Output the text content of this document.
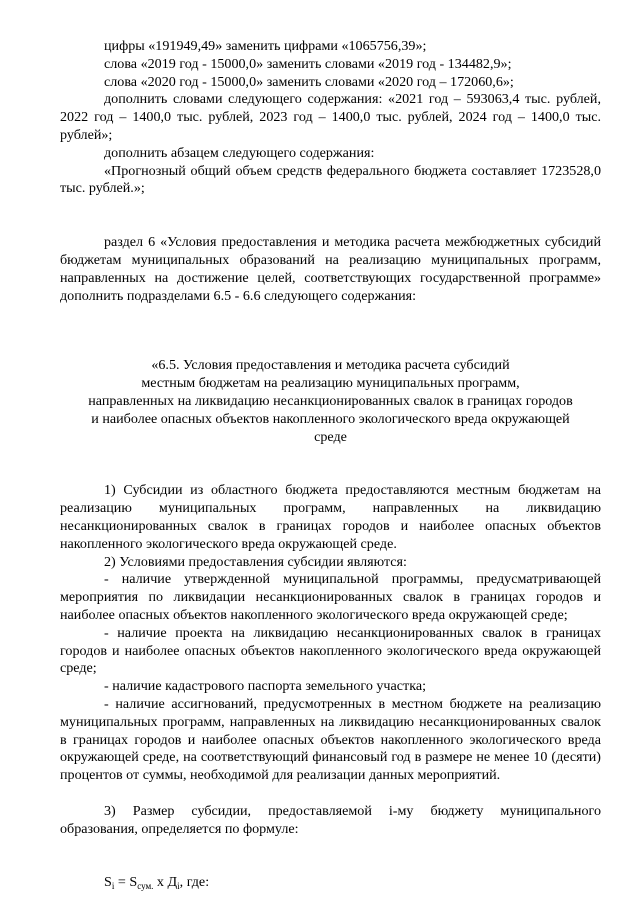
цифры «191949,49» заменить цифрами «1065756,39»;

слова «2019 год - 15000,0» заменить словами «2019 год - 134482,9»;

слова «2020 год - 15000,0» заменить словами «2020 год – 172060,6»;

дополнить словами следующего содержания: «2021 год – 593063,4 тыс. рублей, 2022 год – 1400,0 тыс. рублей, 2023 год – 1400,0 тыс. рублей, 2024 год – 1400,0 тыс. рублей»;

дополнить абзацем следующего содержания:

«Прогнозный общий объем средств федерального бюджета составляет 1723528,0 тыс. рублей.»;

раздел 6 «Условия предоставления и методика расчета межбюджетных субсидий бюджетам муниципальных образований на реализацию муниципальных программ, направленных на достижение целей, соответствующих государственной программе» дополнить подразделами 6.5 - 6.6 следующего содержания:

«6.5. Условия предоставления и методика расчета субсидий
местным бюджетам на реализацию муниципальных программ,
направленных на ликвидацию несанкционированных свалок в границах городов
и наиболее опасных объектов накопленного экологического вреда окружающей
среде

1) Субсидии из областного бюджета предоставляются местным бюджетам на реализацию муниципальных программ, направленных на ликвидацию несанкционированных свалок в границах городов и наиболее опасных объектов накопленного экологического вреда окружающей среде.

2) Условиями предоставления субсидии являются:

- наличие утвержденной муниципальной программы, предусматривающей мероприятия по ликвидации несанкционированных свалок в границах городов и наиболее опасных объектов накопленного экологического вреда окружающей среде;

- наличие проекта на ликвидацию несанкционированных свалок в границах городов и наиболее опасных объектов накопленного экологического вреда окружающей среде;

- наличие кадастрового паспорта земельного участка;

- наличие ассигнований, предусмотренных в местном бюджете на реализацию муниципальных программ, направленных на ликвидацию несанкционированных свалок в границах городов и наиболее опасных объектов накопленного экологического вреда окружающей среде, на соответствующий финансовый год в размере не менее 10 (десяти) процентов от суммы, необходимой для реализации данных мероприятий.

3) Размер субсидии, предоставляемой i-му бюджету муниципального образования, определяется по формуле:

$S_i = S_{сум.}$ х $Д_i$, где:
